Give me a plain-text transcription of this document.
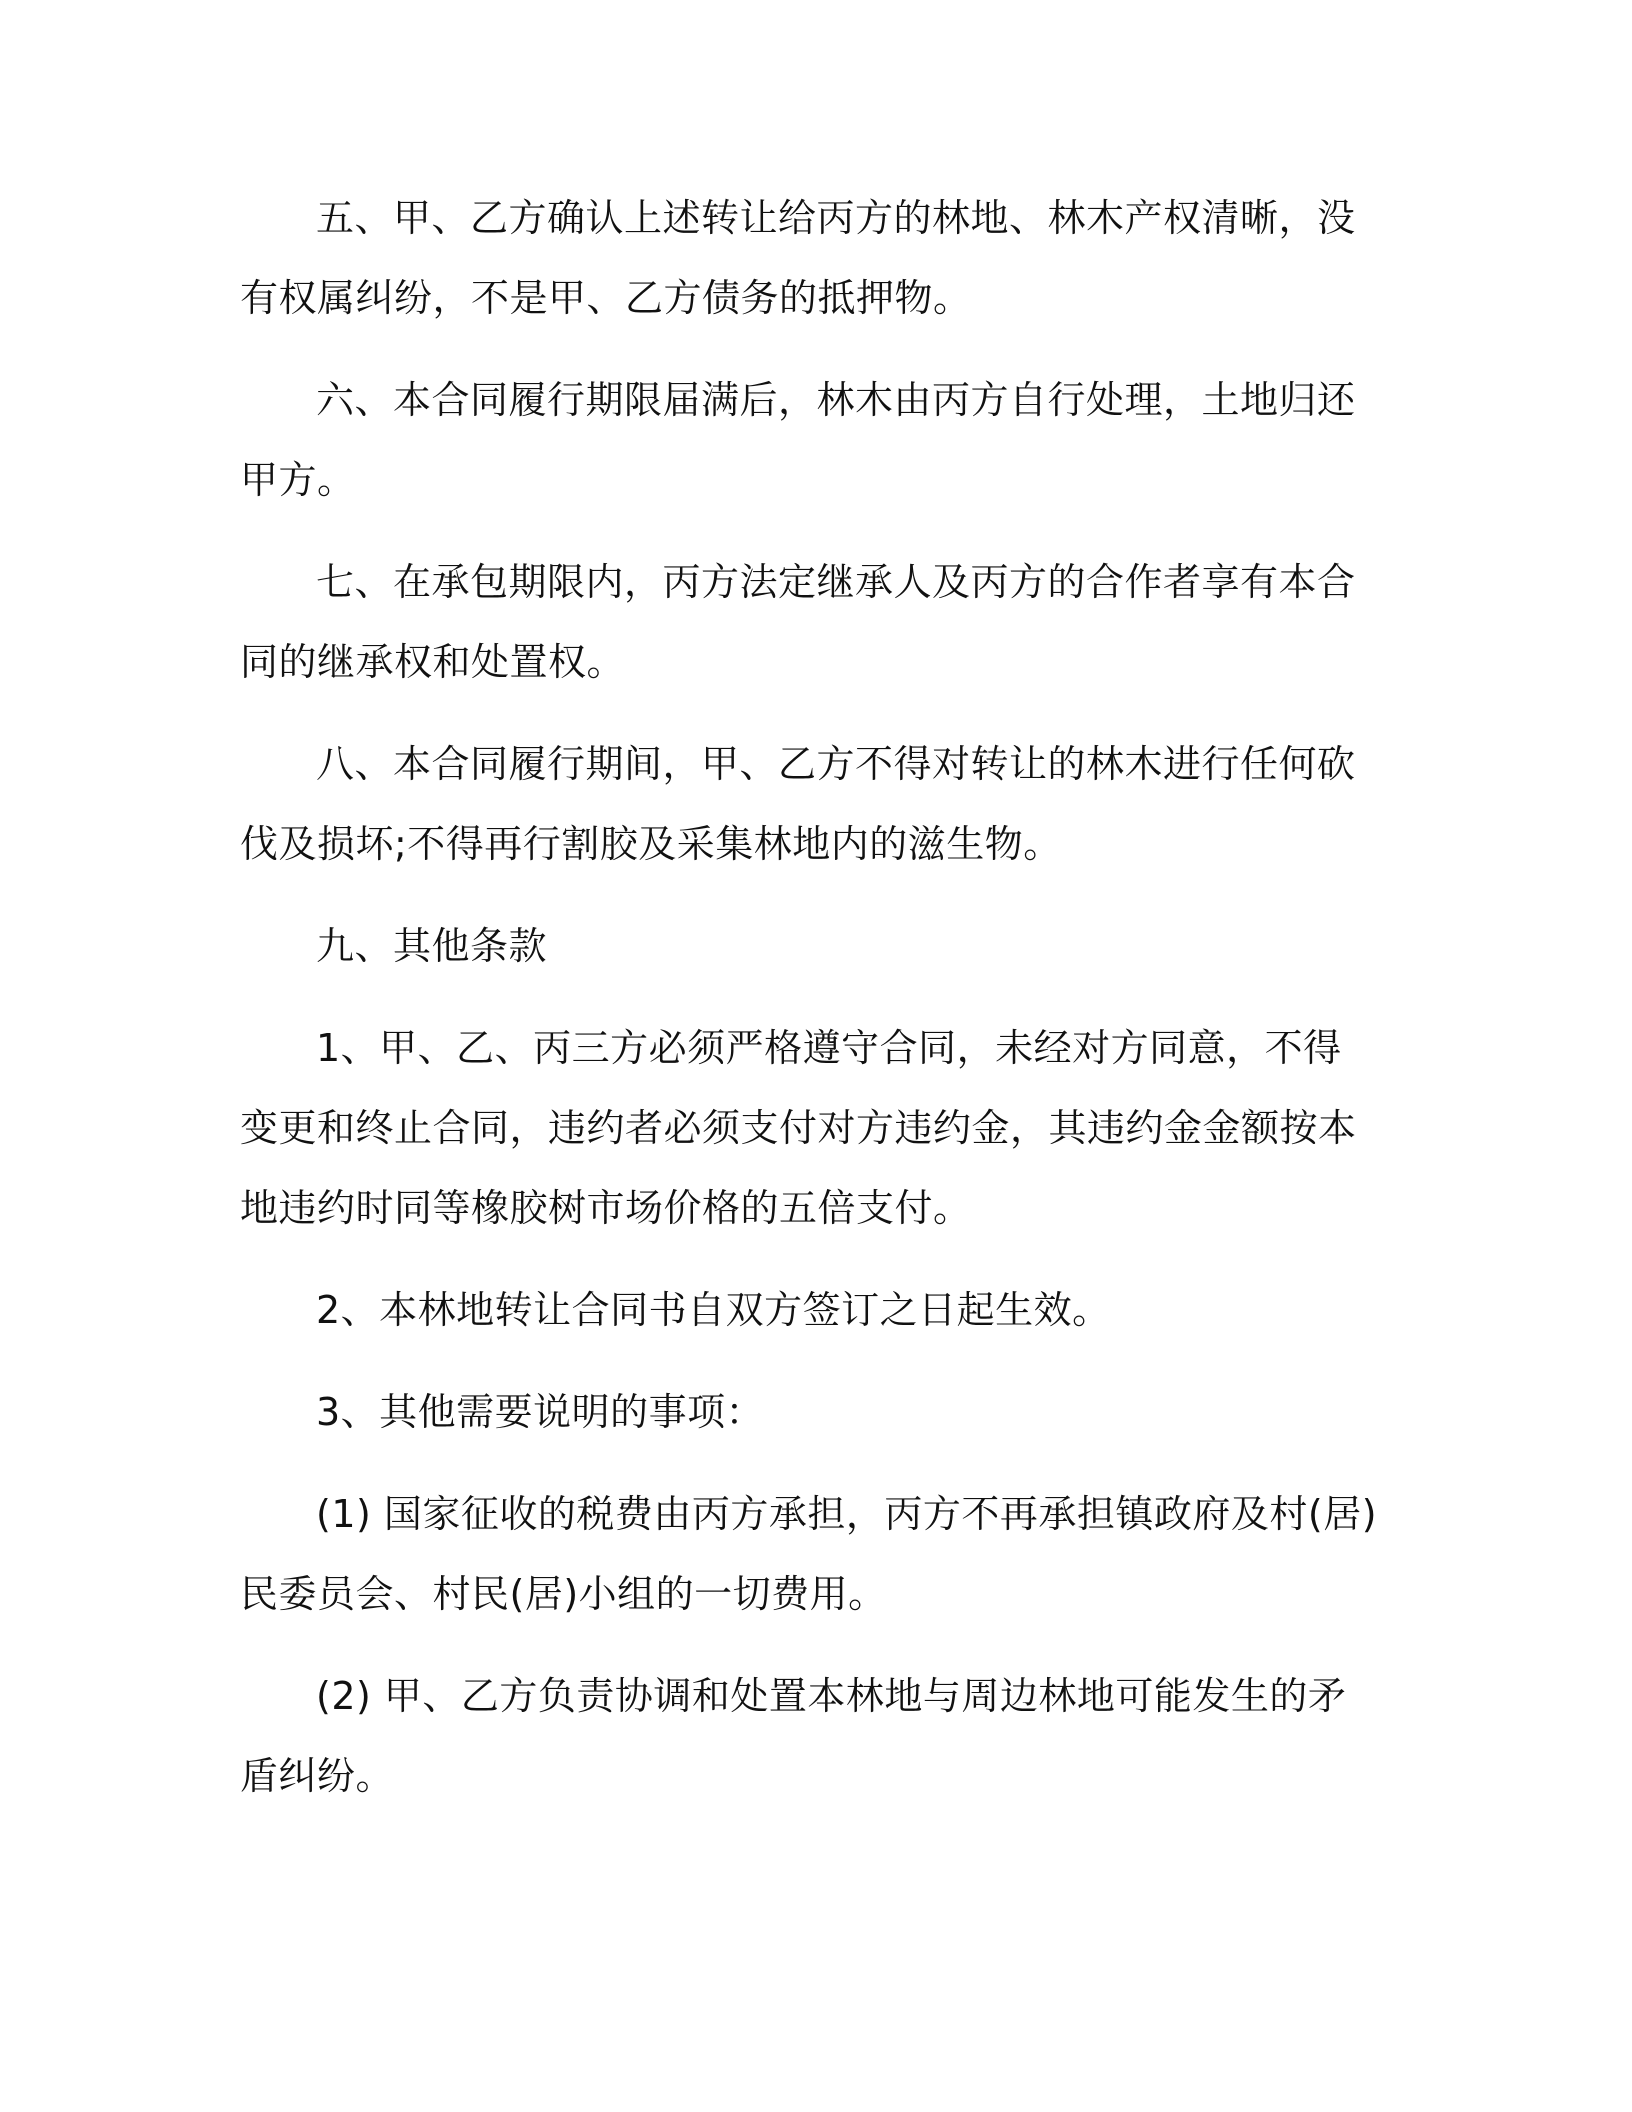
五、甲、乙方确认上述转让给丙方的林地、林木产权清晰，没有权属纠纷，不是甲、乙方债务的抵押物。

六、本合同履行期限届满后，林木由丙方自行处理，土地归还甲方。

七、在承包期限内，丙方法定继承人及丙方的合作者享有本合同的继承权和处置权。

八、本合同履行期间，甲、乙方不得对转让的林木进行任何砍伐及损坏;不得再行割胶及采集林地内的滋生物。

九、其他条款

1、甲、乙、丙三方必须严格遵守合同，未经对方同意，不得变更和终止合同，违约者必须支付对方违约金，其违约金金额按本地违约时同等橡胶树市场价格的五倍支付。

2、本林地转让合同书自双方签订之日起生效。

3、其他需要说明的事项：

(1) 国家征收的税费由丙方承担，丙方不再承担镇政府及村(居)民委员会、村民(居)小组的一切费用。

(2) 甲、乙方负责协调和处置本林地与周边林地可能发生的矛盾纠纷。
